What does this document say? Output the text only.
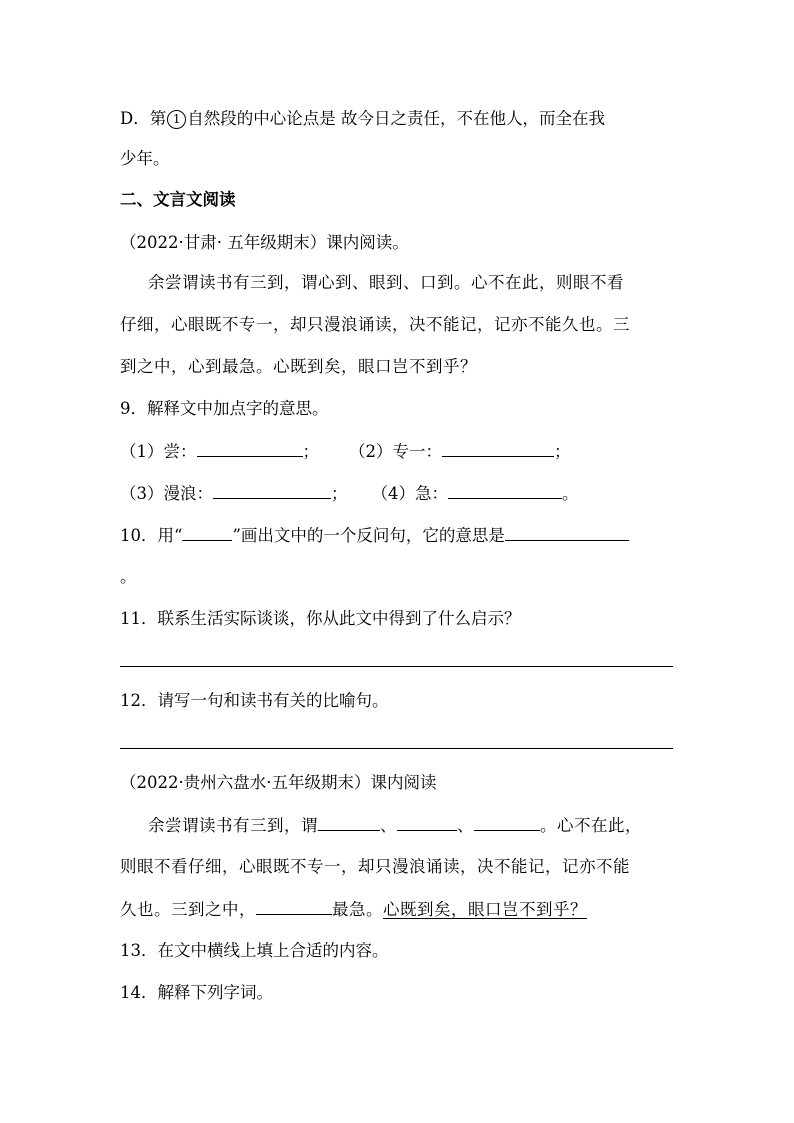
D．第 1 自然段的中心论点是 故今日之责任，不在他人，而全在我
少年。
二、文言文阅读
（2022·甘肃· 五年级期末）课内阅读。
余尝谓读书有三到，谓心到、眼到、口到。心不在此，则眼不看
仔细，心眼既不专一，却只漫浪诵读，决不能记，记亦不能久也。三
到之中，心到最急。心既到矣，眼口岂不到乎？
9．解释文中加点字的意思。
（1）尝：	； （2）专一：	；
（3）漫浪：	； （4）急：	。
10．用“	”画出文中的一个反问句，它的意思是
。
11．联系生活实际谈谈，你从此文中得到了什么启示？
12．请写一句和读书有关的比喻句。
（2022·贵州六盘水·五年级期末）课内阅读
余尝谓读书有三到，谓	、	、	。心不在此，
则眼不看仔细，心眼既不专一，却只漫浪诵读，决不能记，记亦不能
久也。三到之中，	最急。心既到矣，眼口岂不到乎？
13．在文中横线上填上合适的内容。
14．解释下列字词。
